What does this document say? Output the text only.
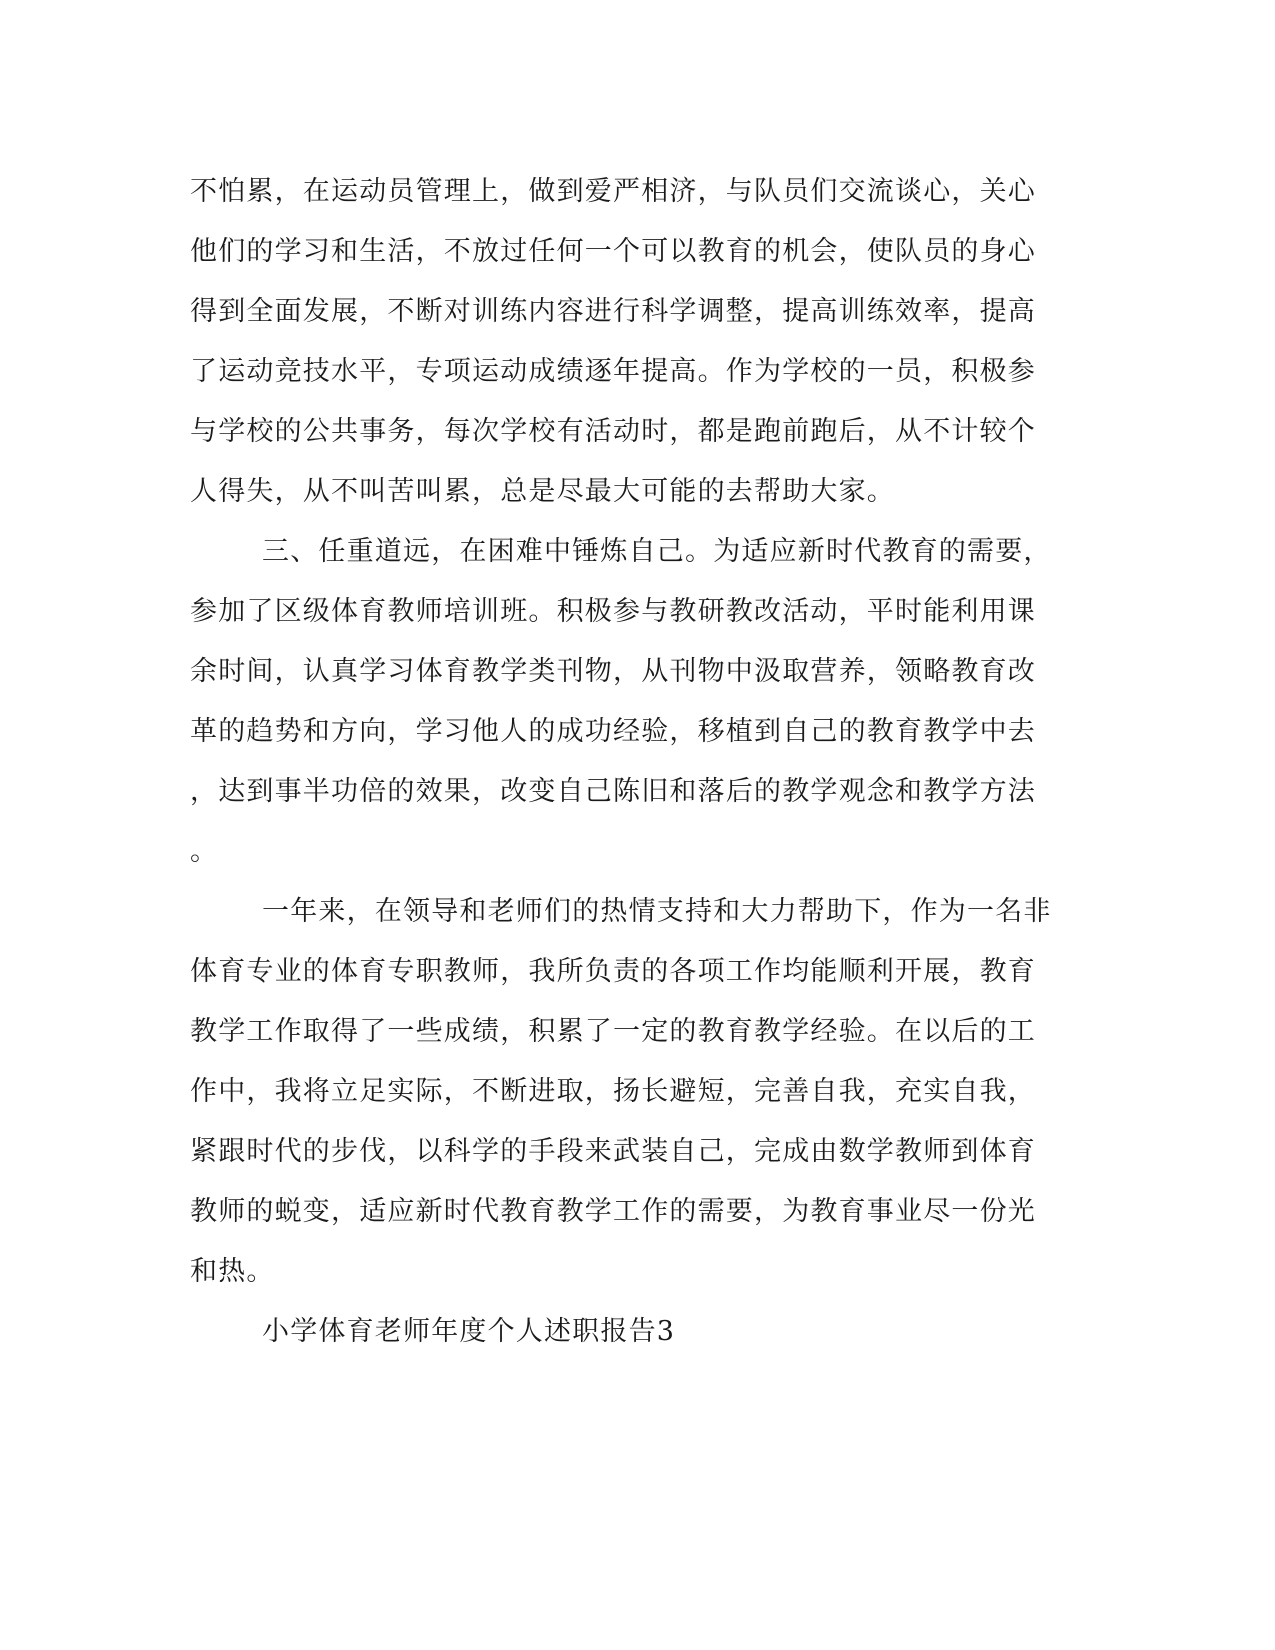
不怕累，在运动员管理上，做到爱严相济，与队员们交流谈心，关心
他们的学习和生活，不放过任何一个可以教育的机会，使队员的身心
得到全面发展，不断对训练内容进行科学调整，提高训练效率，提高
了运动竞技水平，专项运动成绩逐年提高。作为学校的一员，积极参
与学校的公共事务，每次学校有活动时，都是跑前跑后，从不计较个
人得失，从不叫苦叫累，总是尽最大可能的去帮助大家。
三、任重道远，在困难中锤炼自己。为适应新时代教育的需要，
参加了区级体育教师培训班。积极参与教研教改活动，平时能利用课
余时间，认真学习体育教学类刊物，从刊物中汲取营养，领略教育改
革的趋势和方向，学习他人的成功经验，移植到自己的教育教学中去
，达到事半功倍的效果，改变自己陈旧和落后的教学观念和教学方法
。
一年来，在领导和老师们的热情支持和大力帮助下，作为一名非
体育专业的体育专职教师，我所负责的各项工作均能顺利开展，教育
教学工作取得了一些成绩，积累了一定的教育教学经验。在以后的工
作中，我将立足实际，不断进取，扬长避短，完善自我，充实自我，
紧跟时代的步伐，以科学的手段来武装自己，完成由数学教师到体育
教师的蜕变，适应新时代教育教学工作的需要，为教育事业尽一份光
和热。
小学体育老师年度个人述职报告3
